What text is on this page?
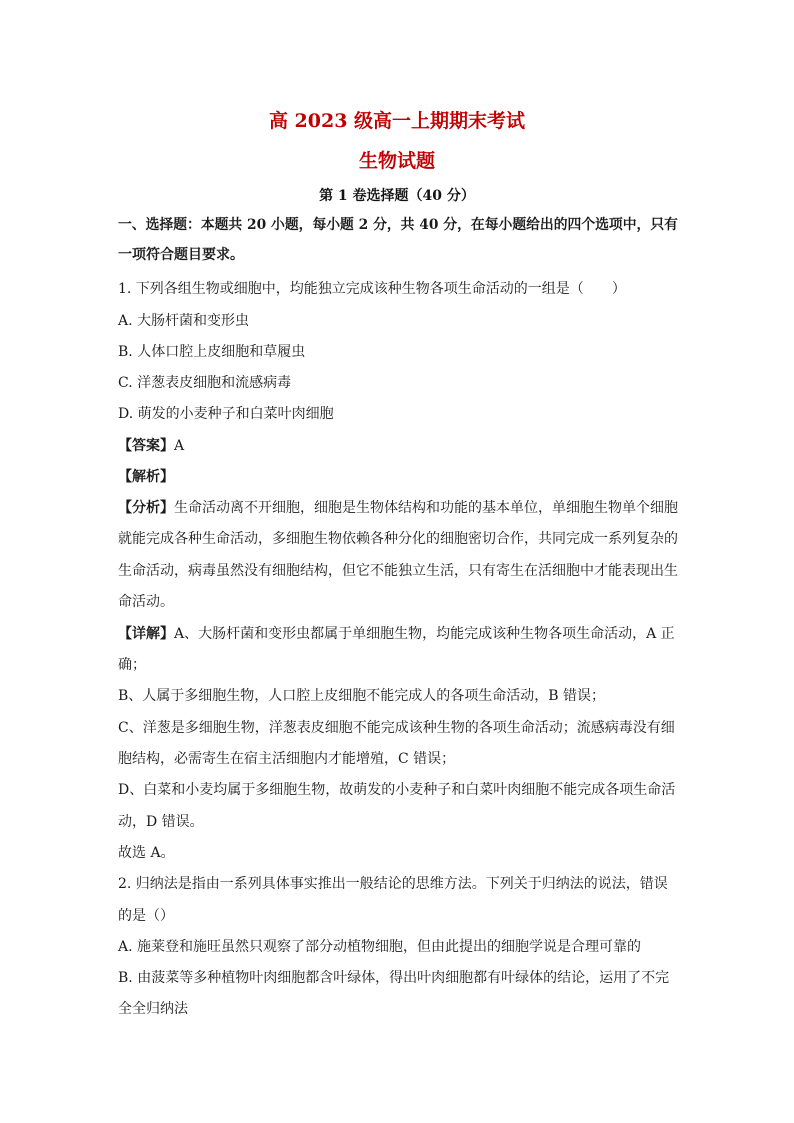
高 2023 级高一上期期末考试
生物试题
第 1 卷选择题（40 分）
一、选择题：本题共 20 小题，每小题 2 分，共 40 分，在每小题给出的四个选项中，只有
一项符合题目要求。
1. 下列各组生物或细胞中，均能独立完成该种生物各项生命活动的一组是（ ）
A. 大肠杆菌和变形虫
B. 人体口腔上皮细胞和草履虫
C. 洋葱表皮细胞和流感病毒
D. 萌发的小麦种子和白菜叶肉细胞
【答案】A
【解析】
【分析】生命活动离不开细胞，细胞是生物体结构和功能的基本单位，单细胞生物单个细胞
就能完成各种生命活动，多细胞生物依赖各种分化的细胞密切合作，共同完成一系列复杂的
生命活动，病毒虽然没有细胞结构，但它不能独立生活，只有寄生在活细胞中才能表现出生
命活动。
【详解】A、大肠杆菌和变形虫都属于单细胞生物，均能完成该种生物各项生命活动，A 正
确；
B、人属于多细胞生物，人口腔上皮细胞不能完成人的各项生命活动，B 错误；
C、洋葱是多细胞生物，洋葱表皮细胞不能完成该种生物的各项生命活动；流感病毒没有细
胞结构，必需寄生在宿主活细胞内才能增殖，C 错误；
D、白菜和小麦均属于多细胞生物，故萌发的小麦种子和白菜叶肉细胞不能完成各项生命活
动，D 错误。
故选 A。
2. 归纳法是指由一系列具体事实推出一般结论的思维方法。下列关于归纳法的说法，错误
的是（）
A. 施莱登和施旺虽然只观察了部分动植物细胞，但由此提出的细胞学说是合理可靠的
B. 由菠菜等多种植物叶肉细胞都含叶绿体，得出叶肉细胞都有叶绿体的结论，运用了不完
全全归纳法
